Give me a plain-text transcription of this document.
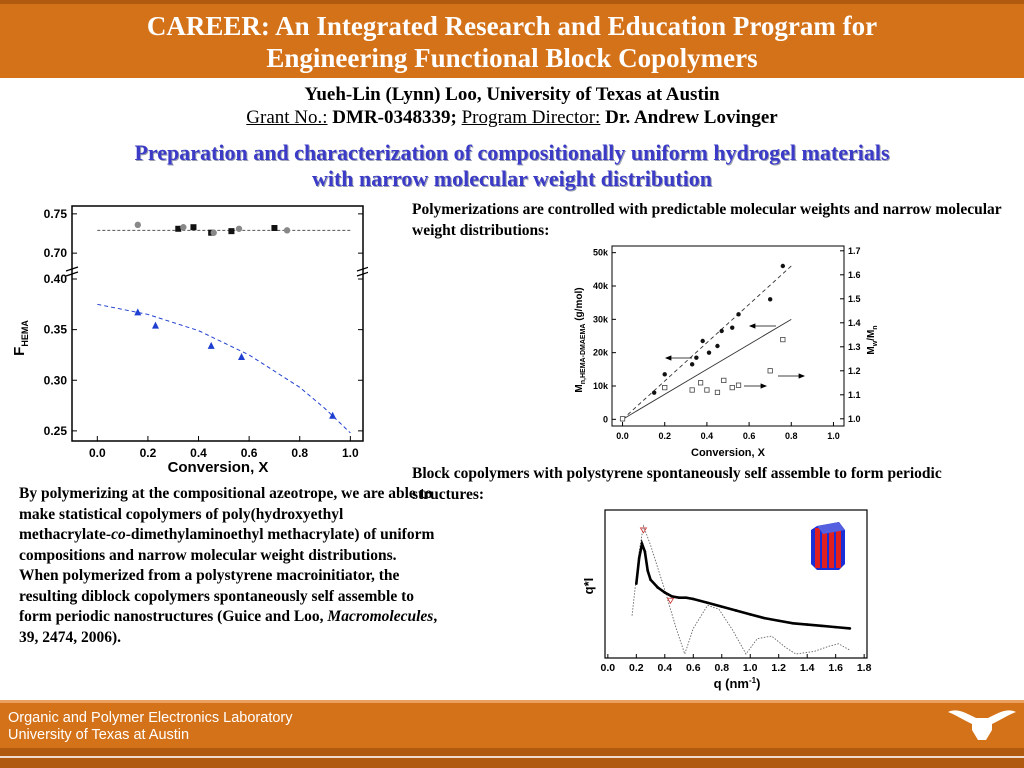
CAREER: An Integrated Research and Education Program for
Engineering Functional Block Copolymers
Yueh-Lin (Lynn) Loo, University of Texas at Austin
Grant No.: DMR-0348339; Program Director: Dr. Andrew Lovinger
Preparation and characterization of compositionally uniform hydrogel materials
with narrow molecular weight distribution
$F_{HEMA}$
Conversion, X
0.0	0.2	0.4	0.6	0.8	1.0
0.75
0.70
0.40
0.35
0.30
0.25
Polymerizations are controlled with predictable molecular weights and narrow molecular weight distributions:
$M_{n,HEMA-DMAEMA}$ (g/mol)
$M_w/M_n$
Conversion, X
0.0	0.2	0.4	0.6	0.8	1.0
0
10k
20k
30k
40k
50k
1.0
1.1
1.2
1.3
1.4
1.5
1.6
1.7
Block copolymers with polystyrene spontaneously self assemble to form periodic structures:
By polymerizing at the compositional azeotrope, we are able to make statistical copolymers of poly(hydroxyethyl methacrylate-co-dimethylaminoethyl methacrylate) of uniform compositions and narrow molecular weight distributions. When polymerized from a polystyrene macroinitiator, the resulting diblock copolymers spontaneously self assemble to form periodic nanostructures (Guice and Loo, Macromolecules, 39, 2474, 2006).
q*I
q $(nm^{-1})$
0.0 0.2 0.4 0.6 0.8 1.0 1.2 1.4 1.6 1.8
Organic and Polymer Electronics Laboratory
University of Texas at Austin
